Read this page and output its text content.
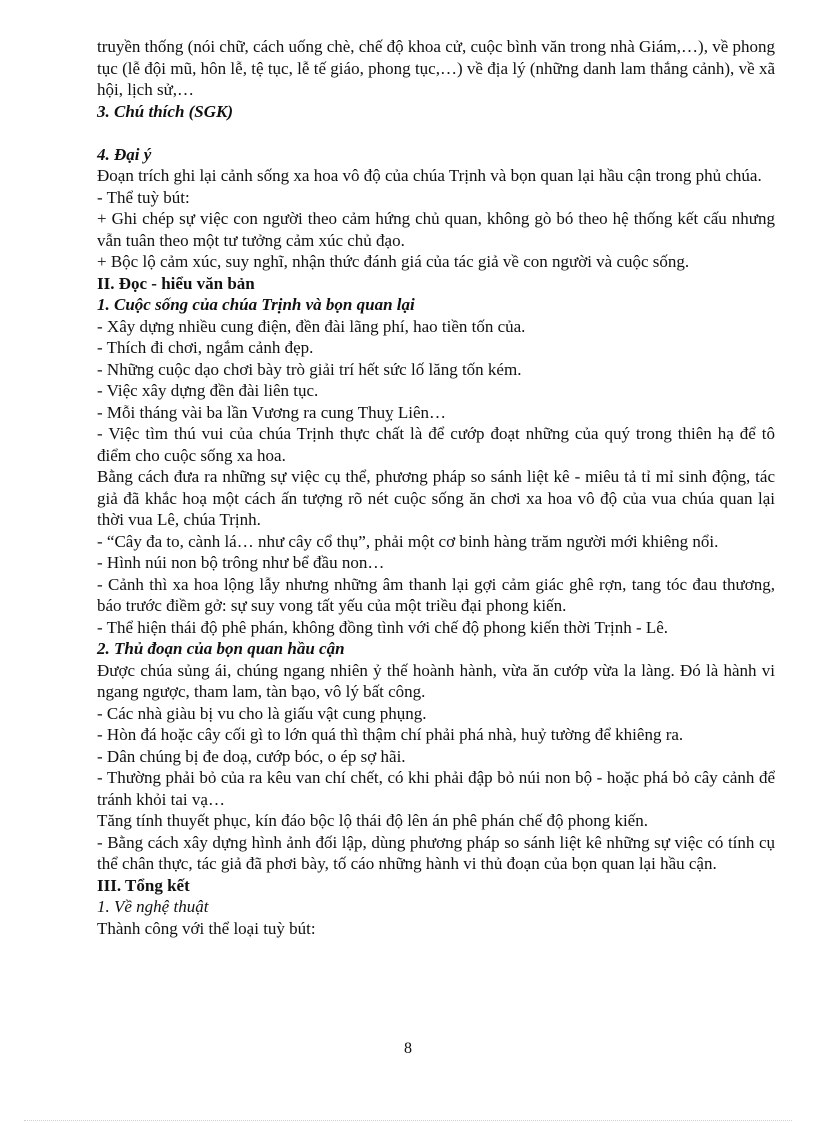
truyền thống (nói chữ, cách uống chè, chế độ khoa cử, cuộc bình văn trong nhà Giám,…), về phong tục (lễ đội mũ, hôn lễ, tệ tục, lễ tế giáo, phong tục,…) về địa lý (những danh lam thắng cảnh), về xã hội, lịch sử,…

3. Chú thích (SGK)

4. Đại ý

Đoạn trích ghi lại cảnh sống xa hoa vô độ của chúa Trịnh và bọn quan lại hầu cận trong phủ chúa.

- Thể tuỳ bút:

+ Ghi chép sự việc con người theo cảm hứng chủ quan, không gò bó theo hệ thống kết cấu nhưng vẫn tuân theo một tư tưởng cảm xúc chủ đạo.

+ Bộc lộ cảm xúc, suy nghĩ, nhận thức đánh giá của tác giả về con người và cuộc sống.

II. Đọc - hiểu văn bản

1. Cuộc sống của chúa Trịnh và bọn quan lại

- Xây dựng nhiều cung điện, đền đài lãng phí, hao tiền tốn của.

- Thích đi chơi, ngắm cảnh đẹp.

- Những cuộc dạo chơi bày trò giải trí hết sức lố lăng tốn kém.

- Việc xây dựng đền đài liên tục.

- Mỗi tháng vài ba lần Vương ra cung Thuỵ Liên…

- Việc tìm thú vui của chúa Trịnh thực chất là để cướp đoạt những của quý trong thiên hạ để tô điểm cho cuộc sống xa hoa.

Bằng cách đưa ra những sự việc cụ thể, phương pháp so sánh liệt kê - miêu tả tỉ mỉ sinh động, tác giả đã khắc hoạ một cách ấn tượng rõ nét cuộc sống ăn chơi xa hoa vô độ của vua chúa quan lại thời vua Lê, chúa Trịnh.

- “Cây đa to, cành lá… như cây cổ thụ”, phải một cơ binh hàng trăm người mới khiêng nổi.

- Hình núi non bộ trông như bể đầu non…

- Cảnh thì xa hoa lộng lẫy nhưng những âm thanh lại gợi cảm giác ghê rợn, tang tóc đau thương, báo trước điềm gở: sự suy vong tất yếu của một triều đại phong kiến.

- Thể hiện thái độ phê phán, không đồng tình với chế độ phong kiến thời Trịnh - Lê.

2. Thủ đoạn của bọn quan hầu cận

Được chúa sủng ái, chúng ngang nhiên ỷ thế hoành hành, vừa ăn cướp vừa la làng. Đó là hành vi ngang ngược, tham lam, tàn bạo, vô lý bất công.

- Các nhà giàu bị vu cho là giấu vật cung phụng.

- Hòn đá hoặc cây cối gì to lớn quá thì thậm chí phải phá nhà, huỷ tường để khiêng ra.

- Dân chúng bị đe doạ, cướp bóc, o ép sợ hãi.

- Thường phải bỏ của ra kêu van chí chết, có khi phải đập bỏ núi non bộ - hoặc phá bỏ cây cảnh để tránh khỏi tai vạ…

Tăng tính thuyết phục, kín đáo bộc lộ thái độ lên án phê phán chế độ phong kiến.

- Bằng cách xây dựng hình ảnh đối lập, dùng phương pháp so sánh liệt kê những sự việc có tính cụ thể chân thực, tác giả đã phơi bày, tố cáo những hành vi thủ đoạn của bọn quan lại hầu cận.

III. Tổng kết

1. Về nghệ thuật

Thành công với thể loại tuỳ bút:

8
